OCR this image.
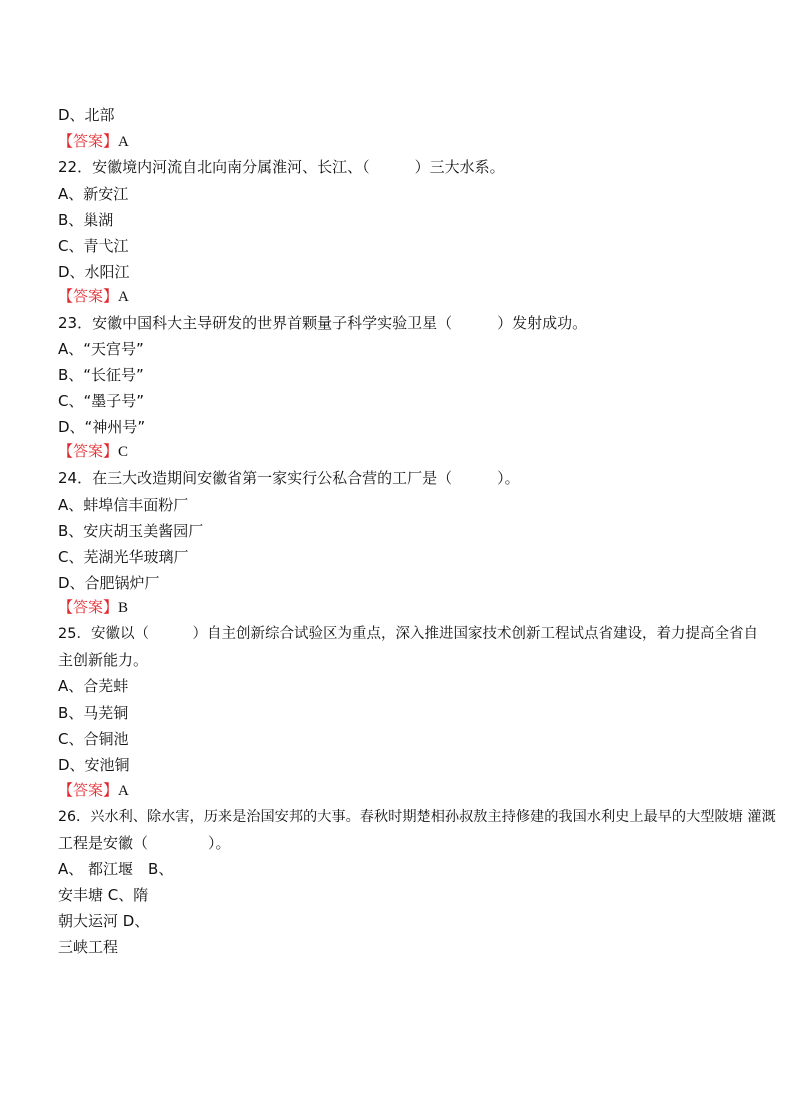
D、北部
【答案】A
22．安徽境内河流自北向南分属淮河、长江、（　　　）三大水系。
A、新安江
B、巢湖
C、青弋江
D、水阳江
【答案】A
23．安徽中国科大主导研发的世界首颗量子科学实验卫星（　　　）发射成功。
A、“天宫号”
B、“长征号”
C、“墨子号”
D、“神州号”
【答案】C
24．在三大改造期间安徽省第一家实行公私合营的工厂是（　　　）。
A、蚌埠信丰面粉厂
B、安庆胡玉美酱园厂
C、芜湖光华玻璃厂
D、合肥锅炉厂
【答案】B
25．安徽以（　　　）自主创新综合试验区为重点，深入推进国家技术创新工程试点省建设，着力提高全省自
主创新能力。
A、合芜蚌
B、马芜铜
C、合铜池
D、安池铜
【答案】A
26．兴水利、除水害，历来是治国安邦的大事。春秋时期楚相孙叔敖主持修建的我国水利史上最早的大型陂塘 灌溉
工程是安徽（　　　　）。
A、 都江堰　B、
安丰塘 C、隋
朝大运河 D、
三峡工程
